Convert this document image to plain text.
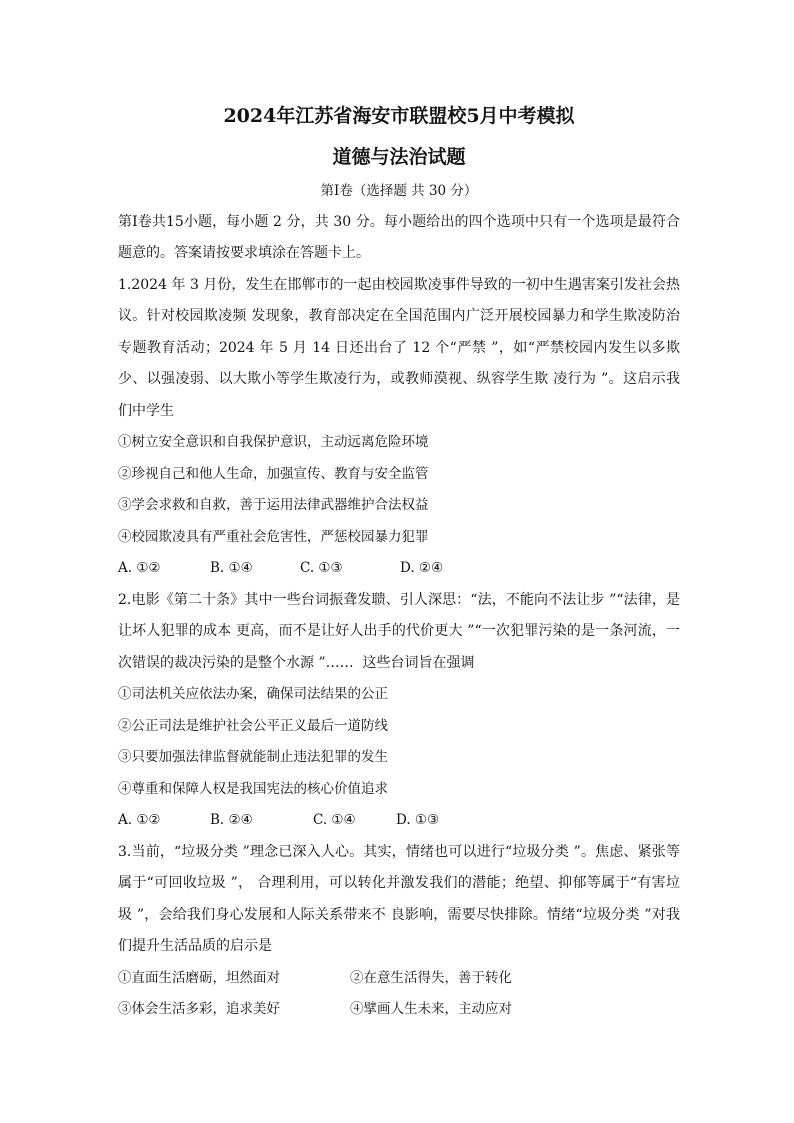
2024年江苏省海安市联盟校5月中考模拟

道德与法治试题

第Ⅰ卷（选择题 共 30 分）

第Ⅰ卷共15小题，每小题 2 分，共 30 分。每小题给出的四个选项中只有一个选项是最符合题意的。答案请按要求填涂在答题卡上。

1.2024 年 3 月份，发生在邯郸市的一起由校园欺凌事件导致的一初中生遇害案引发社会热议。针对校园欺凌频 发现象，教育部决定在全国范围内广泛开展校园暴力和学生欺凌防治专题教育活动；2024 年 5 月 14 日还出台了 12 个“严禁 ”，如“严禁校园内发生以多欺少、以强凌弱、以大欺小等学生欺凌行为，或教师漠视、纵容学生欺 凌行为 ”。这启示我们中学生

①树立安全意识和自我保护意识，主动远离危险环境

②珍视自己和他人生命，加强宣传、教育与安全监管

③学会求救和自救，善于运用法律武器维护合法权益

④校园欺凌具有严重社会危害性，严惩校园暴力犯罪

A. ①②	B. ①④	C. ①③	D. ②④

2.电影《第二十条》其中一些台词振聋发聩、引人深思：“法，不能向不法让步 ”“法律，是让坏人犯罪的成本 更高，而不是让好人出手的代价更大 ”“一次犯罪污染的是一条河流，一次错误的裁决污染的是整个水源 ”……  这些台词旨在强调

①司法机关应依法办案，确保司法结果的公正

②公正司法是维护社会公平正义最后一道防线

③只要加强法律监督就能制止违法犯罪的发生

④尊重和保障人权是我国宪法的核心价值追求

A. ①②	B. ②④	C. ①④	D. ①③

3.当前，“垃圾分类 ”理念已深入人心。其实，情绪也可以进行“垃圾分类 ”。焦虑、紧张等属于“可回收垃圾 ”， 合理利用，可以转化并激发我们的潜能；绝望、抑郁等属于“有害垃圾 ”，会给我们身心发展和人际关系带来不 良影响，需要尽快排除。情绪“垃圾分类 ”对我们提升生活品质的启示是

①直面生活磨砺，坦然面对	②在意生活得失，善于转化
③体会生活多彩，追求美好	④擘画人生未来，主动应对
